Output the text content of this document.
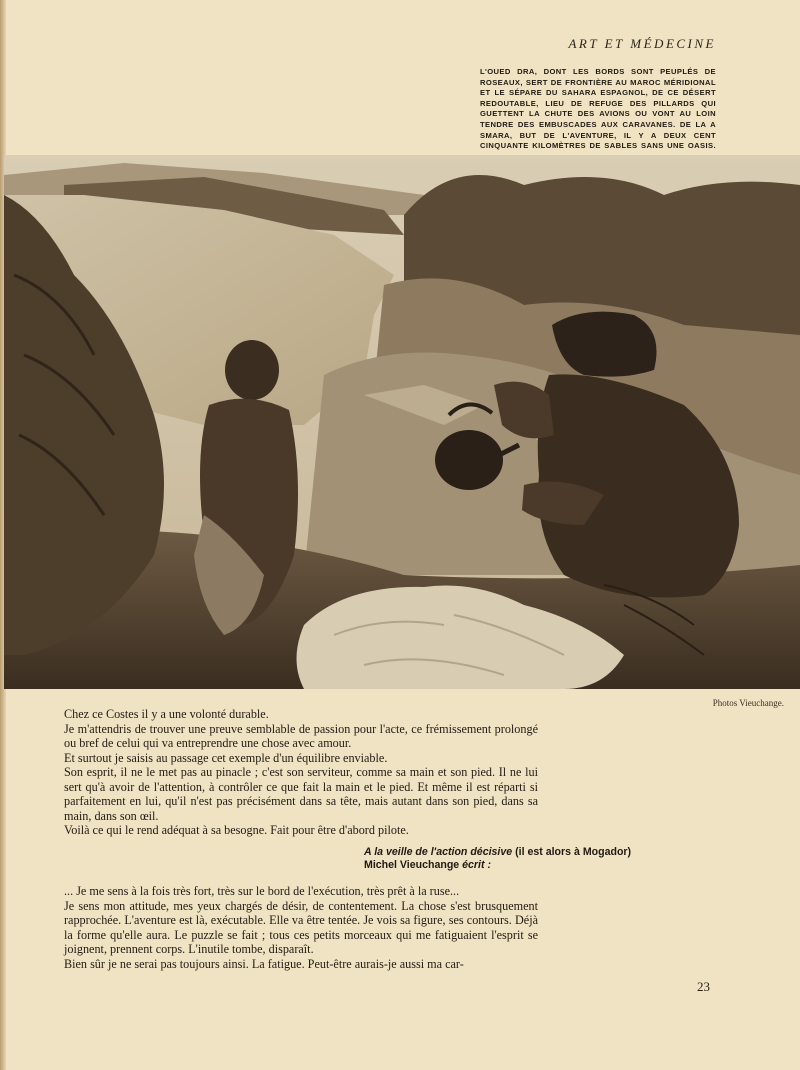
ART ET MÉDECINE
L'OUED DRA, DONT LES BORDS SONT PEUPLÉS DE ROSEAUX, SERT DE FRONTIÈRE AU MAROC MÉRIDIONAL ET LE SÉPARE DU SAHARA ESPAGNOL, DE CE DÉSERT REDOUTABLE, LIEU DE REFUGE DES PILLARDS QUI GUETTENT LA CHUTE DES AVIONS OU VONT AU LOIN TENDRE DES EMBUSCADES AUX CARAVANES. DE LA A SMARA, BUT DE L'AVENTURE, IL Y A DEUX CENT CINQUANTE KILOMÈTRES DE SABLES SANS UNE OASIS.
Photos Vieuchange.

Chez ce Costes il y a une volonté durable.

Je m'attendris de trouver une preuve semblable de passion pour l'acte, ce frémissement prolongé ou bref de celui qui va entreprendre une chose avec amour.

Et surtout je saisis au passage cet exemple d'un équilibre enviable.

Son esprit, il ne le met pas au pinacle ; c'est son serviteur, comme sa main et son pied. Il ne lui sert qu'à avoir de l'attention, à contrôler ce que fait la main et le pied. Et même il est réparti si parfaitement en lui, qu'il n'est pas précisément dans sa tête, mais autant dans son pied, dans sa main, dans son œil.

Voilà ce qui le rend adéquat à sa besogne. Fait pour être d'abord pilote.

A la veille de l'action décisive (il est alors à Mogador)
Michel Vieuchange écrit :

... Je me sens à la fois très fort, très sur le bord de l'exécution, très prêt à la ruse...

Je sens mon attitude, mes yeux chargés de désir, de contentement. La chose s'est brusquement rapprochée. L'aventure est là, exécutable. Elle va être tentée. Je vois sa figure, ses contours. Déjà la forme qu'elle aura. Le puzzle se fait ; tous ces petits morceaux qui me fatiguaient l'esprit se joignent, prennent corps. L'inutile tombe, disparaît.

Bien sûr je ne serai pas toujours ainsi. La fatigue. Peut-être aurais-je aussi ma car-

23
